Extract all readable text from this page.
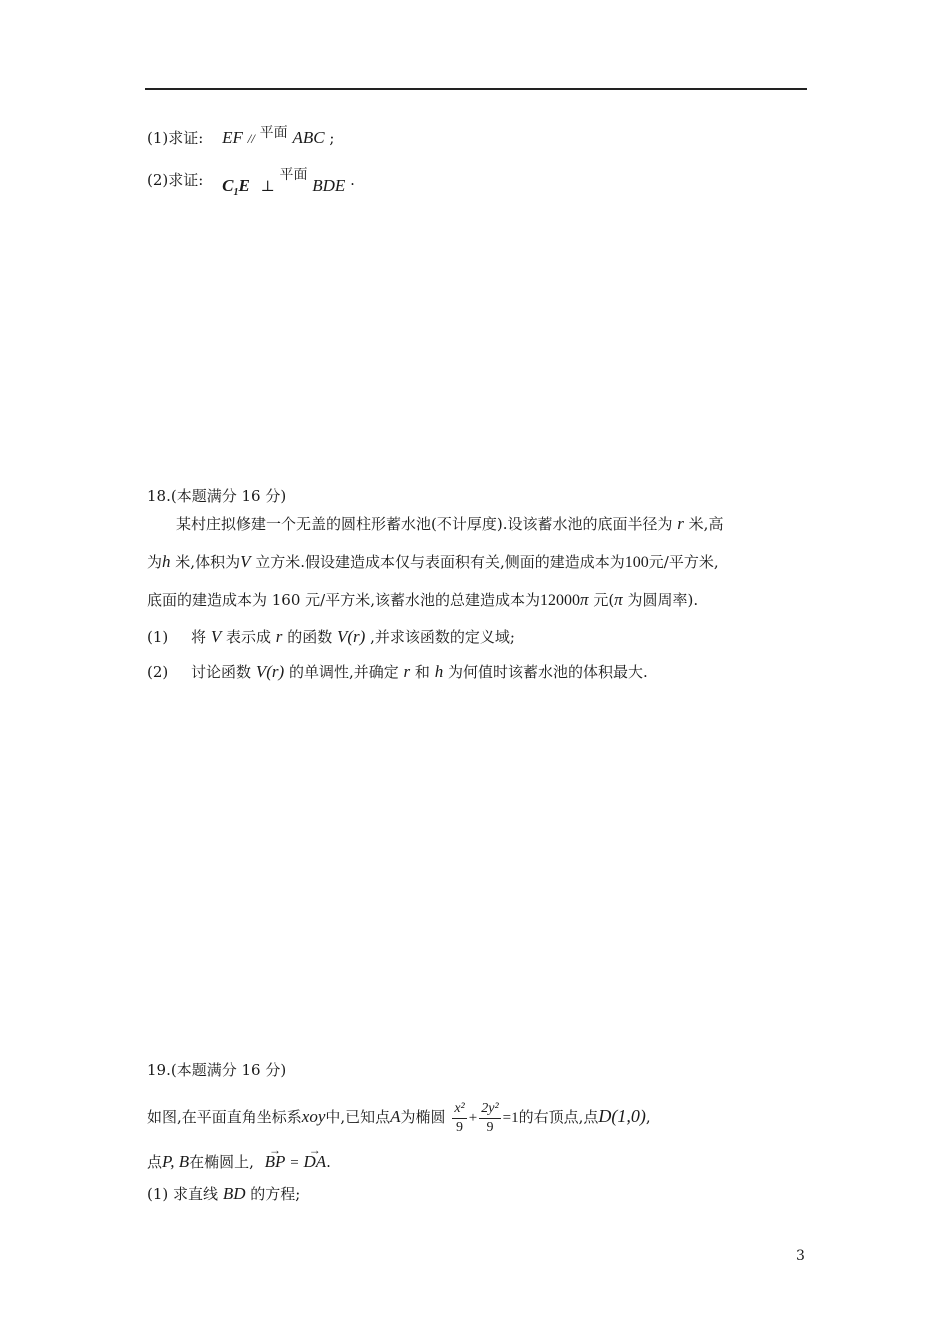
(1)求证: EF // 平面 ABC ;
(2)求证: $C_1E$ ⊥ 平面 BDE .
18.(本题满分 16 分)
某村庄拟修建一个无盖的圆柱形蓄水池(不计厚度).设该蓄水池的底面半径为 r 米,高
为h 米,体积为V 立方米.假设建造成本仅与表面积有关,侧面的建造成本为100元/平方米,
底面的建造成本为 160 元/平方米,该蓄水池的总建造成本为12000π 元(π 为圆周率).
(1) 将 V 表示成 r 的函数 V(r) ,并求该函数的定义域;
(2) 讨论函数 V(r) 的单调性,并确定 r 和 h 为何值时该蓄水池的体积最大.
19.(本题满分 16 分)
如图,在平面直角坐标系xoy中,已知点A为椭圆 $\frac{\text{x²}}{9} + \frac{\text{2y²}}{9} =1$的右顶点,点D(1,0),
点P, B在椭圆上, → BP = → DA.
(1) 求直线 BD 的方程;
3
